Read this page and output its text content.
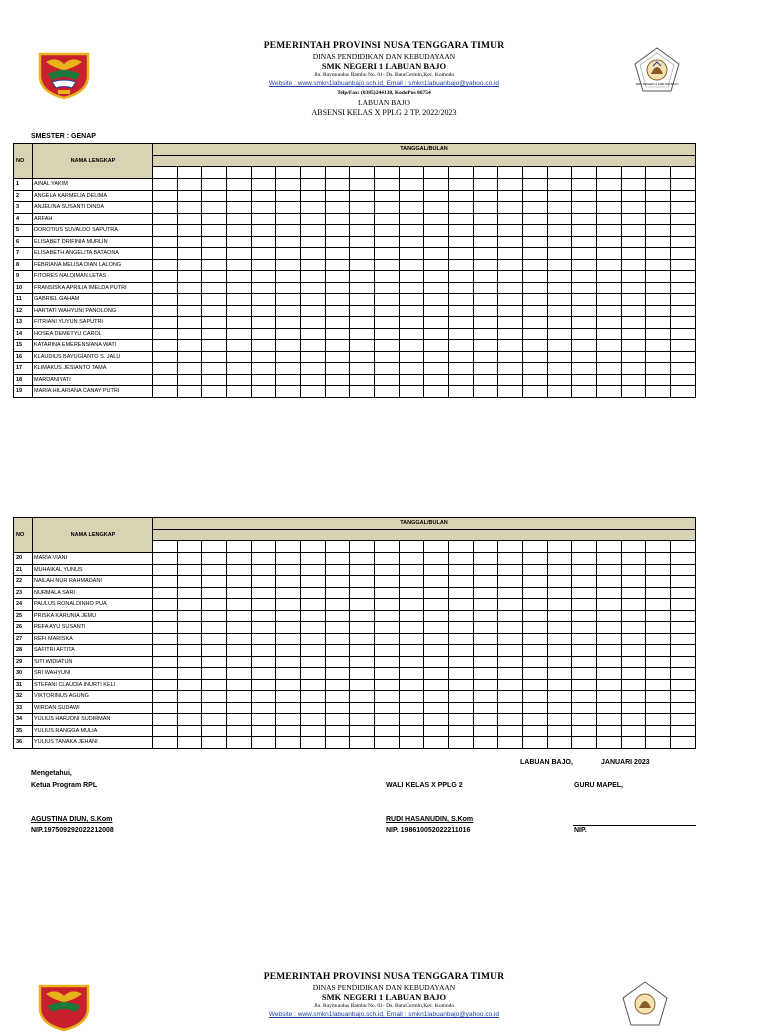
SMK NEGERI 1 LABUAN BAJO
PEMERINTAH PROVINSI NUSA TENGGARA TIMUR
DINAS PENDIDIKAN DAN KEBUDAYAAN
SMK NEGERI 1 LABUAN BAJO
Jln. Raymundus Rambu No. 01- Ds. BatuCermin,Kec. Komodo
Website : www.smkn1labuanbajo.sch.id, Email : smkn1labuanbajo@yahoo.co.id
Telp/Fax: (0385)244138, KodePos 86754
LABUAN BAJO
ABSENSI KELAS X PPLG 2 TP. 2022/2023
SMESTER : GENAP
NO	NAMA LENGKAP	TANGGAL/BULAN																					

1	AINAL YAKIM																						
2	ANGELA KARMELIA DELIMA																						
3	ANJELINA SUSANTI DINDA																						
4	ARFAH																						
5	DOROTIUS SUVALDO SAPUTRA																						
6	ELISABET DRIFINIA MURLIN																						
7	ELISABETH ANGELITA BATAONA																						
8	FEBRIANA MELISA DIAN LALONG																						
9	FITORES NALDIMAN LETAS																						
10	FRANSISKA APRILIA IMELDA PUTRI																						
11	GABRIEL GAHAM																						
12	HARTATI WAHYUNI PANOLONG																						
13	FITRIANI YUYUN SAPUTRI																						
14	HOSEA DEMETYU CAROL																						
15	KATARINA EMERENSIANA WATI																						
16	KLAUDIUS BAYUGIANTO S. JALU																						
17	KLIMAKUS JESIANTO TAMA																						
18	MARDANIYATI																						
19	MARIA HILARIANA CANAY PUTRI																						
NO	NAMA LENGKAP	TANGGAL/BULAN																					

20	MARIA VIANI																						
21	MUHAIKAL YUNUS																						
22	NAILAH NUR RAHMADANI																						
23	NURMALA SARI																						
24	PAULUS RONALDINHO PUA																						
25	PRISKA KARUNIA JEMU																						
26	REFA AYU SUSANTI																						
27	REFI MARISKA																						
28	SAFITRI AFTITA																						
29	SITI WIDIATUN																						
30	SRI WAHYUNI																						
31	STEFANI CLAUDIA INURTI KELI																						
32	VIKTORINUS AGUNG																						
33	WIRDAN SUDAWI																						
34	YULIUS HARJONI SUDIRMAN																						
35	YULIUS RANGGA MULIA																						
36	YULIUS TANAKA JEHANI																						
LABUAN BAJO,	JANUARI 2023
Mengetahui,
Ketua Program RPL	WALI KELAS X PPLG 2	GURU MAPEL,
AGUSTINA DIUN, S.Kom
NIP.197509292022212008
RUDI HASANUDIN, S.Kom
NIP. 198610052022211016	NIP.
PEMERINTAH PROVINSI NUSA TENGGARA TIMUR
DINAS PENDIDIKAN DAN KEBUDAYAAN
SMK NEGERI 1 LABUAN BAJO
Jln. Raymundus Rambu No. 01- Ds. BatuCermin,Kec. Komodo
Website : www.smkn1labuanbajo.sch.id, Email : smkn1labuanbajo@yahoo.co.id
